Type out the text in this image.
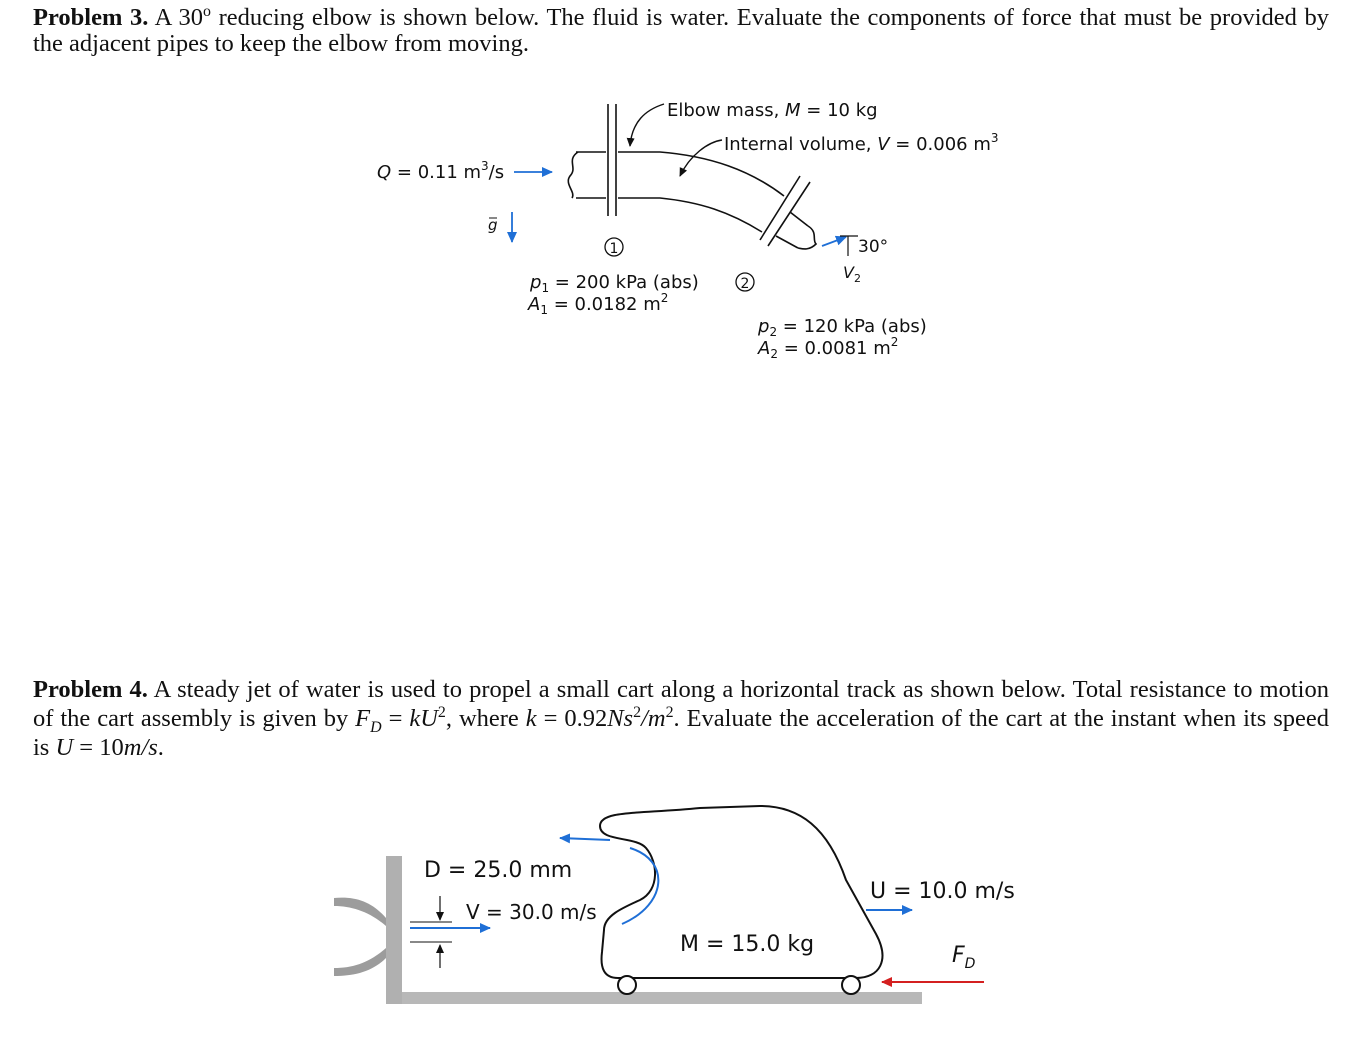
Problem 3. A 30$^o$ reducing elbow is shown below. The fluid is water. Evaluate the components of force that must be provided by the adjacent pipes to keep the elbow from moving.

Elbow mass, M = 10 kg
Internal volume, V = 0.006 $m^3$
Q = 0.11 $m^3/s$
g
30°
$V_2$
1
2
$p_1 = 200$ kPa (abs)
$A_1 = 0.0182$ $m^2$
$p_2 = 120$ kPa (abs)
$A_2 = 0.0081$ $m^2$
D = 25.0 mm
V = 30.0 m/s
M = 15.0 kg
U = 10.0 m/s
$F_D$

Problem 4. A steady jet of water is used to propel a small cart along a horizontal track as shown below. Total resistance to motion of the cart assembly is given by $F_D = kU^2$, where $k = 0.92Ns^2/m^2$. Evaluate the acceleration of the cart at the instant when its speed is U = 10m/s.
